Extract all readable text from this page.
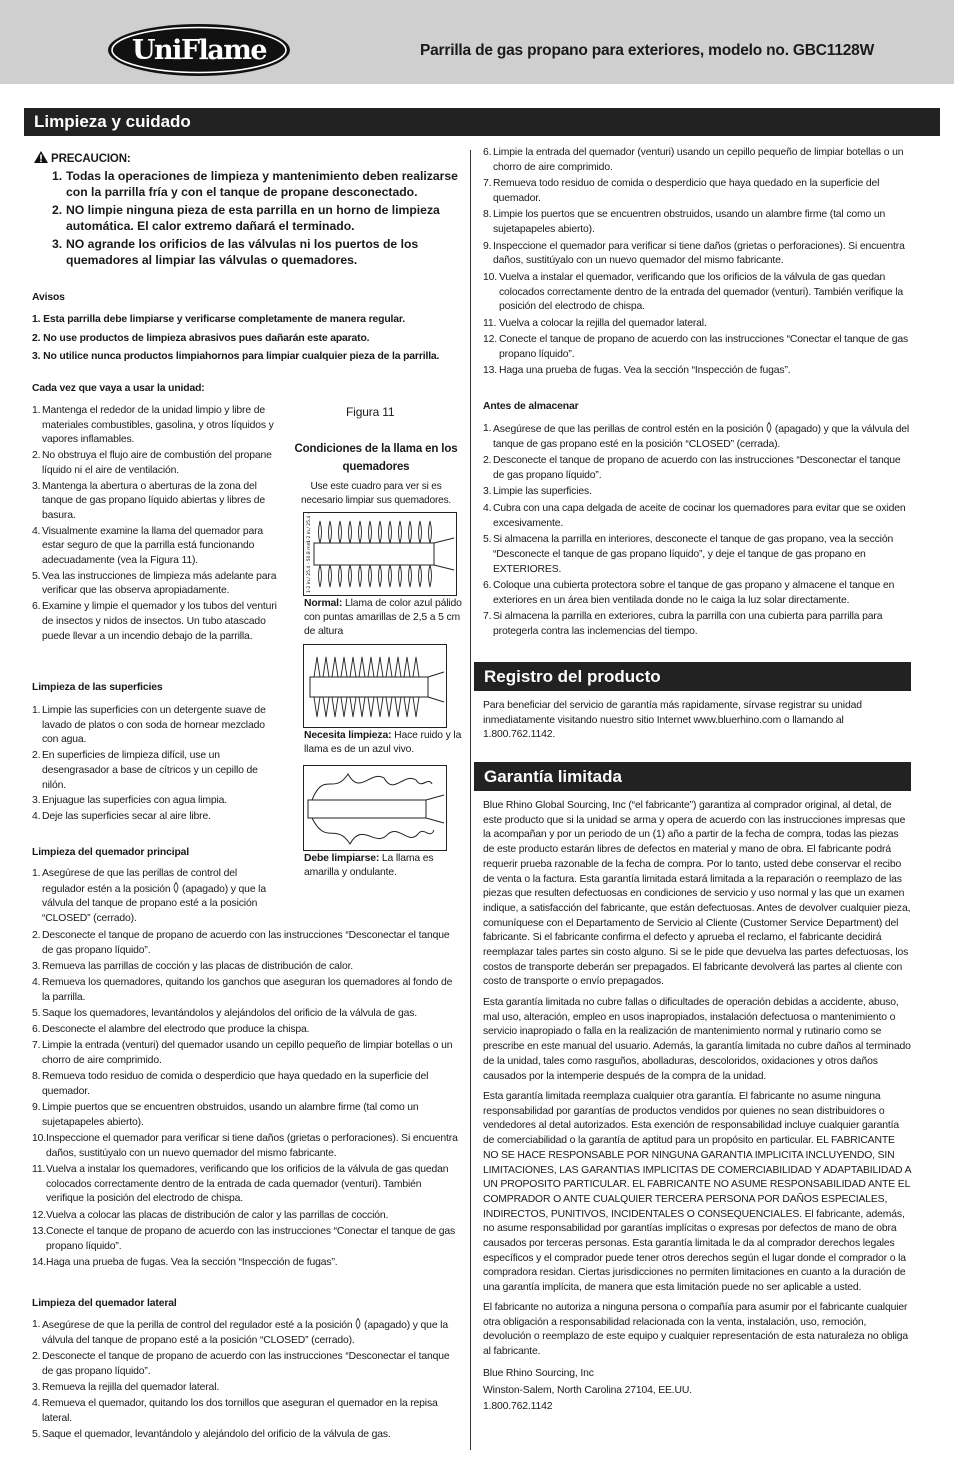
UniFlame	Parrilla de gas propano para exteriores, modelo no. GBC1128W
Limpieza y cuidado
Registro del producto
Garantía limitada
PRECAUCION:
1. Todas la operaciones de limpieza y mantenimiento deben realizarse con la parrilla fría y con el tanque de propane desconectado.
2. NO limpie ninguna pieza de esta parrilla en un horno de limpieza automática. El calor extremo dañará el terminado.
3. NO agrande los orificios de las válvulas ni los puertos de los quemadores al limpiar las válvulas o quemadores.
Avisos
1. Esta parrilla debe limpiarse y verificarse completamente de manera regular.
2. No use productos de limpieza abrasivos pues dañarán este aparato.
3. No utilice nunca productos limpiahornos para limpiar cualquier pieza de la parrilla.
Cada vez que vaya a usar la unidad:
1. Mantenga el rededor de la unidad limpio y libre de materiales combustibles, gasolina, y otros líquidos y vapores inflamables.
2. No obstruya el flujo aire de combustión del propane líquido ni el aire de ventilación.
3. Mantenga la abertura o aberturas de la zona del tanque de gas propano líquido abiertas y libres de basura.
4. Visualmente examine la llama del quemador para estar seguro de que la parrilla está funcionando adecuadamente (vea la Figura 11).
5. Vea las instrucciones de limpieza más adelante para verificar que las observa apropiadamente.
6. Examine y limpie el quemador y los tubos del venturi de insectos y nidos de insectos. Un tubo atascado puede llevar a un incendio debajo de la parrilla.
Figura 11
Condiciones de la llama en los quemadores
Use este cuadro para ver si es necesario limpiar sus quemadores.
1-2 in./ 25.4 - 50.8 mm
1-2 in./ 25.4 - 50.8 mm
Normal: Llama de color azul pálido con puntas amarillas de 2,5 a 5 cm de altura
Necesita limpieza: Hace ruido y la llama es de un azul vivo.
Debe limpiarse: La llama es amarilla y ondulante.
Limpieza de las superficies
1. Limpie las superficies con un detergente suave de lavado de platos o con soda de hornear mezclado con agua.
2. En superficies de limpieza difícil, use un desengrasador a base de cítricos y un cepillo de nilón.
3. Enjuague las superficies con agua limpia.
4. Deje las superficies secar al aire libre.
Limpieza del quemador principal
1. Asegúrese de que las perillas de control del regulador estén a la posición (apagado) y que la válvula del tanque de propano esté a la posición “CLOSED” (cerrado).
2. Desconecte el tanque de propano de acuerdo con las instrucciones “Desconectar el tanque de gas propano líquido”.
3. Remueva las parrillas de cocción y las placas de distribución de calor.
4. Remueva los quemadores, quitando los ganchos que aseguran los quemadores al fondo de la parrilla.
5. Saque los quemadores, levantándolos y alejándolos del orificio de la válvula de gas.
6. Desconecte el alambre del electrodo que produce la chispa.
7. Limpie la entrada (venturi) del quemador usando un cepillo pequeño de limpiar botellas o un chorro de aire comprimido.
8. Remueva todo residuo de comida o desperdicio que haya quedado en la superficie del quemador.
9. Limpie puertos que se encuentren obstruidos, usando un alambre firme (tal como un sujetapapeles abierto).
10. Inspeccione el quemador para verificar si tiene daños (grietas o perforaciones). Si encuentra daños, sustitúyalo con un nuevo quemador del mismo fabricante.
11. Vuelva a instalar los quemadores, verificando que los orificios de la válvula de gas quedan colocados correctamente dentro de la entrada de cada quemador (venturi). También verifique la posición del electrodo de chispa.
12. Vuelva a colocar las placas de distribución de calor y las parrillas de cocción.
13. Conecte el tanque de propano de acuerdo con las instrucciones “Conectar el tanque de gas propano líquido”.
14. Haga una prueba de fugas. Vea la sección “Inspección de fugas”.
Limpieza del quemador lateral
1. Asegúrese de que la perilla de control del regulador esté a la posición (apagado) y que la válvula del tanque de propano esté a la posición “CLOSED” (cerrado).
2. Desconecte el tanque de propano de acuerdo con las instrucciones “Desconectar el tanque de gas propano líquido”.
3. Remueva la rejilla del quemador lateral.
4. Remueva el quemador, quitando los dos tornillos que aseguran el quemador en la repisa lateral.
5. Saque el quemador, levantándolo y alejándolo del orificio de la válvula de gas.
6. Limpie la entrada del quemador (venturi) usando un cepillo pequeño de limpiar botellas o un chorro de aire comprimido.
7. Remueva todo residuo de comida o desperdicio que haya quedado en la superficie del quemador.
8. Limpie los puertos que se encuentren obstruidos, usando un alambre firme (tal como un sujetapapeles abierto).
9. Inspeccione el quemador para verificar si tiene daños (grietas o perforaciones). Si encuentra daños, sustitúyalo con un nuevo quemador del mismo fabricante.
10. Vuelva a instalar el quemador, verificando que los orificios de la válvula de gas quedan colocados correctamente dentro de la entrada del quemador (venturi). También verifique la posición del electrodo de chispa.
11. Vuelva a colocar la rejilla del quemador lateral.
12. Conecte el tanque de propano de acuerdo con las instrucciones “Conectar el tanque de gas propano líquido”.
13. Haga una prueba de fugas. Vea la sección “Inspección de fugas”.
Antes de almacenar
1. Asegúrese de que las perillas de control estén en la posición (apagado) y que la válvula del tanque de gas propano esté en la posición “CLOSED” (cerrada).
2. Desconecte el tanque de propano de acuerdo con las instrucciones “Desconectar el tanque de gas propano líquido”.
3. Limpie las superficies.
4. Cubra con una capa delgada de aceite de cocinar los quemadores para evitar que se oxiden excesivamente.
5. Si almacena la parrilla en interiores, desconecte el tanque de gas propano, vea la sección “Desconecte el tanque de gas propano líquido”, y deje el tanque de gas propano en EXTERIORES.
6. Coloque una cubierta protectora sobre el tanque de gas propano y almacene el tanque en exteriores en un área bien ventilada donde no le caiga la luz solar directamente.
7. Si almacena la parrilla en exteriores, cubra la parrilla con una cubierta para parrilla para protegerla contra las inclemencias del tiempo.
Para beneficiar del servicio de garantía más rapidamente, sírvase registrar su unidad inmediatamente visitando nuestro sitio Internet www.bluerhino.com o llamando al 1.800.762.1142.
Blue Rhino Global Sourcing, Inc (“el fabricante”) garantiza al comprador original, al detal, de este producto que si la unidad se arma y opera de acuerdo con las instrucciones impresas que la acompañan y por un periodo de un (1) año a partir de la fecha de compra, todas las piezas de este producto estarán libres de defectos en material y mano de obra. El fabricante podrá requerir prueba razonable de la fecha de compra. Por lo tanto, usted debe conservar el recibo de venta o la factura. Esta garantía limitada estará limitada a la reparación o reemplazo de las piezas que resulten defectuosas en condiciones de servicio y uso normal y las que un examen indique, a satisfacción del fabricante, que están defectuosas. Antes de devolver cualquier pieza, comuníquese con el Departamento de Servicio al Cliente (Customer Service Department) del fabricante. Si el fabricante confirma el defecto y aprueba el reclamo, el fabricante decidirá reemplazar tales partes sin costo alguno. Si se le pide que devuelva las partes defectuosas, los costos de transporte deberán ser prepagados. El fabricante devolverá las partes al cliente con costo de transporte o envío prepagados.
Esta garantía limitada no cubre fallas o dificultades de operación debidas a accidente, abuso, mal uso, alteración, empleo en usos inapropiados, instalación defectuosa o mantenimiento o servicio inapropiado o falla en la realización de mantenimiento normal y rutinario como se prescribe en este manual del usuario. Además, la garantía limitada no cubre daños al terminado de la unidad, tales como rasguños, abolladuras, descoloridos, oxidaciones y otros daños causados por la intemperie después de la compra de la unidad.
Esta garantía limitada reemplaza cualquier otra garantía. El fabricante no asume ninguna responsabilidad por garantías de productos vendidos por quienes no sean distribuidores o vendedores al detal autorizados. Esta exención de responsabilidad incluye cualquier garantía de comerciabilidad o la garantía de aptitud para un propósito en particular. EL FABRICANTE NO SE HACE RESPONSABLE POR NINGUNA GARANTIA IMPLICITA INCLUYENDO, SIN LIMITACIONES, LAS GARANTIAS IMPLICITAS DE COMERCIABILIDAD Y ADAPTABILIDAD A UN PROPOSITO PARTICULAR. EL FABRICANTE NO ASUME RESPONSABILIDAD ANTE EL COMPRADOR O ANTE CUALQUIER TERCERA PERSONA POR DAÑOS ESPECIALES, INDIRECTOS, PUNITIVOS, INCIDENTALES O CONSEQUENCIALES. El fabricante, además, no asume responsabilidad por garantías implícitas o expresas por defectos de mano de obra causados por terceras personas. Esta garantía limitada le da al comprador derechos legales específicos y el comprador puede tener otros derechos según el lugar donde el comprador o la compradora residan. Ciertas jurisdicciones no permiten limitaciones en cuanto a la duración de una garantía implícita, de manera que esta limitación puede no ser aplicable a usted.
El fabricante no autoriza a ninguna persona o compañía para asumir por el fabricante cualquier otra obligación a responsabilidad relacionada con la venta, instalación, uso, remoción, devolución o reemplazo de este equipo y cualquier representación de esta naturaleza no obliga al fabricante.
Blue Rhino Sourcing, Inc
Winston-Salem, North Carolina 27104, EE.UU.
1.800.762.1142
